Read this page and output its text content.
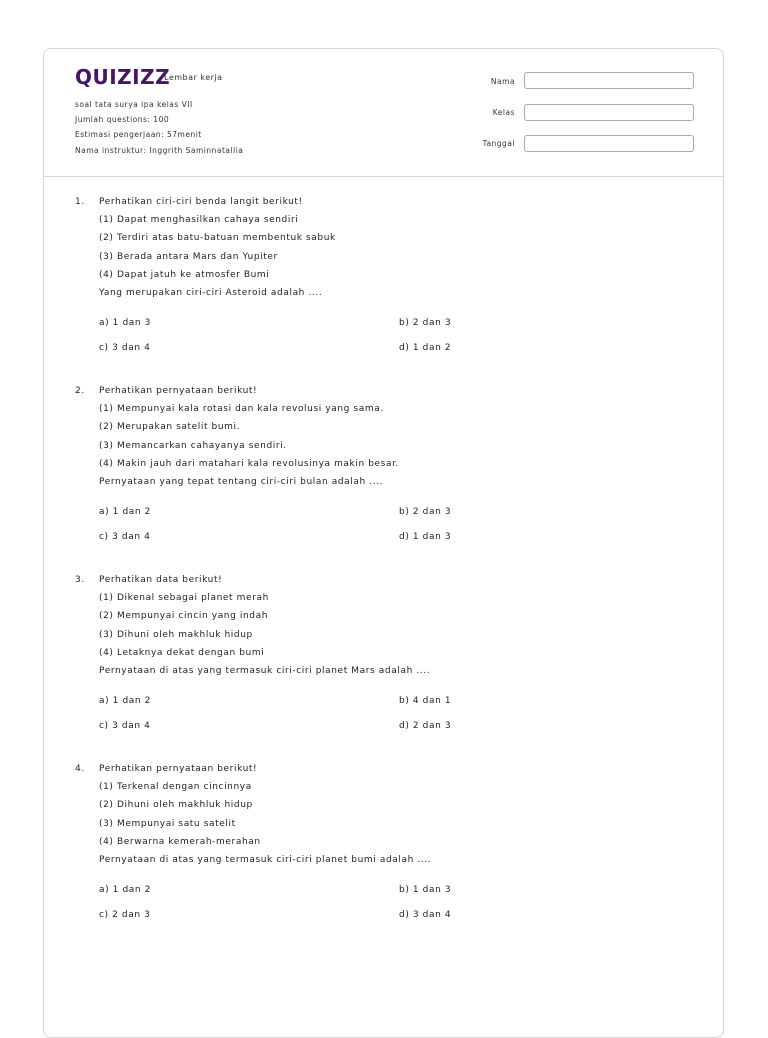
QUIZIZZ
Lembar kerja
soal tata surya ipa kelas VII
Jumlah questions: 100
Estimasi pengerjaan: 57menit
Nama instruktur: Inggrith Saminnatallia
Nama
Kelas
Tanggal
1. Perhatikan ciri-ciri benda langit berikut!
(1) Dapat menghasilkan cahaya sendiri
(2) Terdiri atas batu-batuan membentuk sabuk
(3) Berada antara Mars dan Yupiter
(4) Dapat jatuh ke atmosfer Bumi
Yang merupakan ciri-ciri Asteroid adalah ....
a) 1 dan 3	b) 2 dan 3
c) 3 dan 4	d) 1 dan 2
2. Perhatikan pernyataan berikut!
(1) Mempunyai kala rotasi dan kala revolusi yang sama.
(2) Merupakan satelit bumi.
(3) Memancarkan cahayanya sendiri.
(4) Makin jauh dari matahari kala revolusinya makin besar.
Pernyataan yang tepat tentang ciri-ciri bulan adalah ....
a) 1 dan 2	b) 2 dan 3
c) 3 dan 4	d) 1 dan 3
3. Perhatikan data berikut!
(1) Dikenal sebagai planet merah
(2) Mempunyai cincin yang indah
(3) Dihuni oleh makhluk hidup
(4) Letaknya dekat dengan bumi
Pernyataan di atas yang termasuk ciri-ciri planet Mars adalah ....
a) 1 dan 2	b) 4 dan 1
c) 3 dan 4	d) 2 dan 3
4. Perhatikan pernyataan berikut!
(1) Terkenal dengan cincinnya
(2) Dihuni oleh makhluk hidup
(3) Mempunyai satu satelit
(4) Berwarna kemerah-merahan
Pernyataan di atas yang termasuk ciri-ciri planet bumi adalah ....
a) 1 dan 2	b) 1 dan 3
c) 2 dan 3	d) 3 dan 4
